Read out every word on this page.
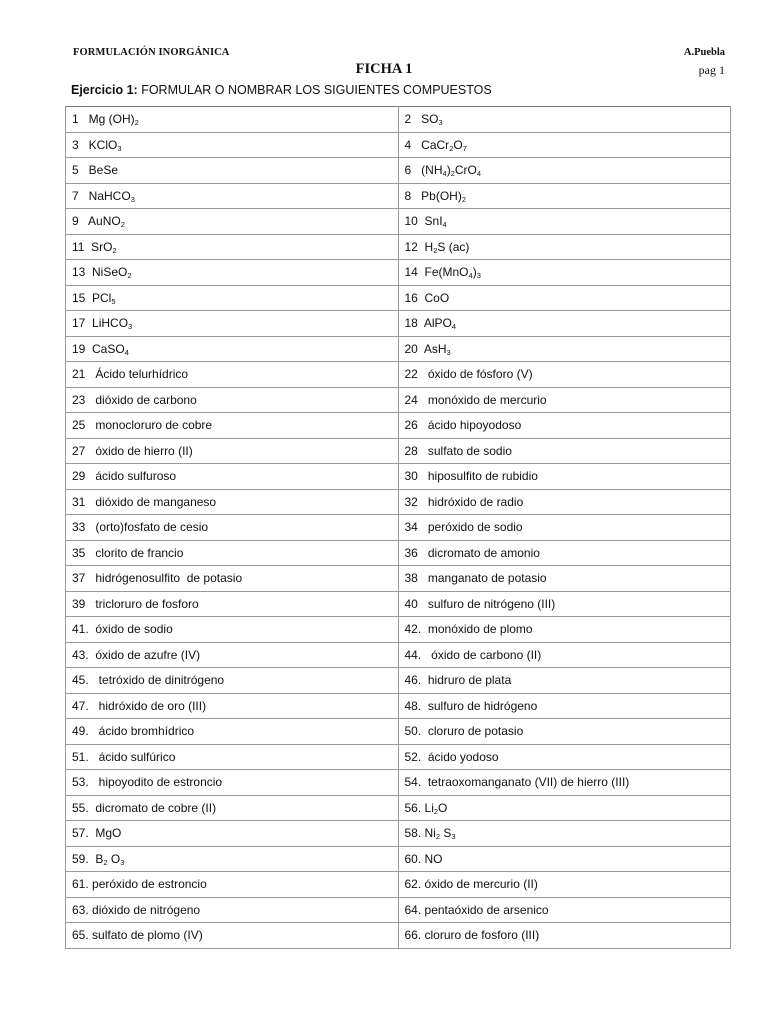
FORMULACIÓN INORGÁNICA	A.Puebla
FICHA 1	pag 1
Ejercicio 1: FORMULAR O NOMBRAR LOS SIGUIENTES COMPUESTOS
1   Mg $(OH)_2$	2   $SO_3$
3   KClO$_3$	4   $CaCr_2O_7$
5   BeSe	6   $(NH_4)_2CrO_4$
7   NaHCO$_3$	8   $Pb(OH)_2$
9   AuNO$_2$	10  SnI$_4$
11  SrO$_2$	12  $H_2S$ (ac)
13  NiSeO$_2$	14  $Fe(MnO_4)_3$
15  PCl$_5$	16  CoO
17  LiHCO$_3$	18  AlPO$_4$
19  CaSO$_4$	20  AsH$_3$
21   Ácido telurhídrico	22   óxido de fósforo (V)
23   dióxido de carbono	24   monóxido de mercurio
25   monocloruro de cobre	26   ácido hipoyodoso
27   óxido de hierro (II)	28   sulfato de sodio
29   ácido sulfuroso	30   hiposulfito de rubidio
31   dióxido de manganeso	32   hidróxido de radio
33   (orto)fosfato de cesio	34   peróxido de sodio
35   clorito de francio	36   dicromato de amonio
37   hidrógenosulfito  de potasio	38   manganato de potasio
39   tricloruro de fosforo	40   sulfuro de nitrógeno (III)
41.  óxido de sodio	42.  monóxido de plomo
43.  óxido de azufre (IV)	44.   óxido de carbono (II)
45.   tetróxido de dinitrógeno	46.  hidruro de plata
47.   hidróxido de oro (III)	48.  sulfuro de hidrógeno
49.   ácido bromhídrico	50.  cloruro de potasio
51.   ácido sulfúrico	52.  ácido yodoso
53.   hipoyodito de estroncio	54.  tetraoxomanganato (VII) de hierro (III)
55.  dicromato de cobre (II)	56. $Li_2O$
57.  MgO	58. $Ni_2$ $S_3$
59.  $B_2$ $O_3$	60. NO
61. peróxido de estroncio	62. óxido de mercurio (II)
63. dióxido de nitrógeno	64. pentaóxido de arsenico
65. sulfato de plomo (IV)	66. cloruro de fosforo (III)
